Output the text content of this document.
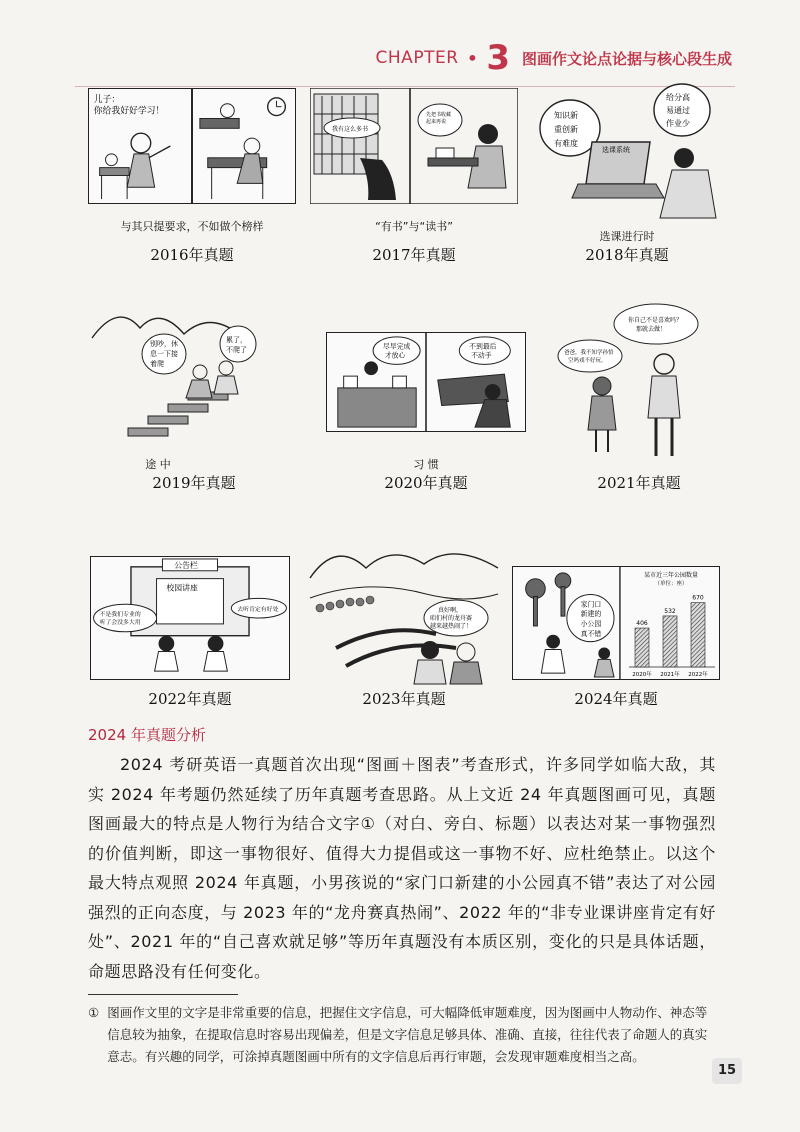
CHAPTER • 3 图画作文论点论据与核心段生成
儿子：
你给我好好学习！
与其只提要求，不如做个榜样
2016年真题
我有这么多书
先把书收藏
起来再说
“有书”与“读书”
2017年真题
知识新
重创新
有难度
给分高
易通过
作业少
选课系统
选课进行时
2018年真题
别吵，休
息一下接
着爬
累了，
不爬了
途 中
2019年真题
尽早完成
才放心
不到最后
不动手
习 惯
2020年真题
你自己不是喜欢吗？
那就去做！
爸爸，我不知学孙悟
空吗戏不好玩。
2021年真题
公告栏
校园讲座
不是我们专业的
听了会没多大用
去听肯定有好处
2022年真题
真好啊，
咱们村的龙舟赛
越来越热闹了！
2023年真题
家门口
新建的
小公园
真不错
某市近三年公园数量
（单位：座）
406
2020年
532
2021年
670
2022年
2024年真题
2024 年真题分析

2024 考研英语一真题首次出现“图画＋图表”考查形式，许多同学如临大敌，其实 2024 年考题仍然延续了历年真题考查思路。从上文近 24 年真题图画可见，真题图画最大的特点是人物行为结合文字①（对白、旁白、标题）以表达对某一事物强烈的价值判断，即这一事物很好、值得大力提倡或这一事物不好、应杜绝禁止。以这个最大特点观照 2024 年真题，小男孩说的“家门口新建的小公园真不错”表达了对公园强烈的正向态度，与 2023 年的“龙舟赛真热闹”、2022 年的“非专业课讲座肯定有好处”、2021 年的“自己喜欢就足够”等历年真题没有本质区别，变化的只是具体话题，命题思路没有任何变化。

① 图画作文里的文字是非常重要的信息，把握住文字信息，可大幅降低审题难度，因为图画中人物动作、神态等信息较为抽象，在提取信息时容易出现偏差，但是文字信息足够具体、准确、直接，往往代表了命题人的真实意志。有兴趣的同学，可涂掉真题图画中所有的文字信息后再行审题，会发现审题难度相当之高。
15
